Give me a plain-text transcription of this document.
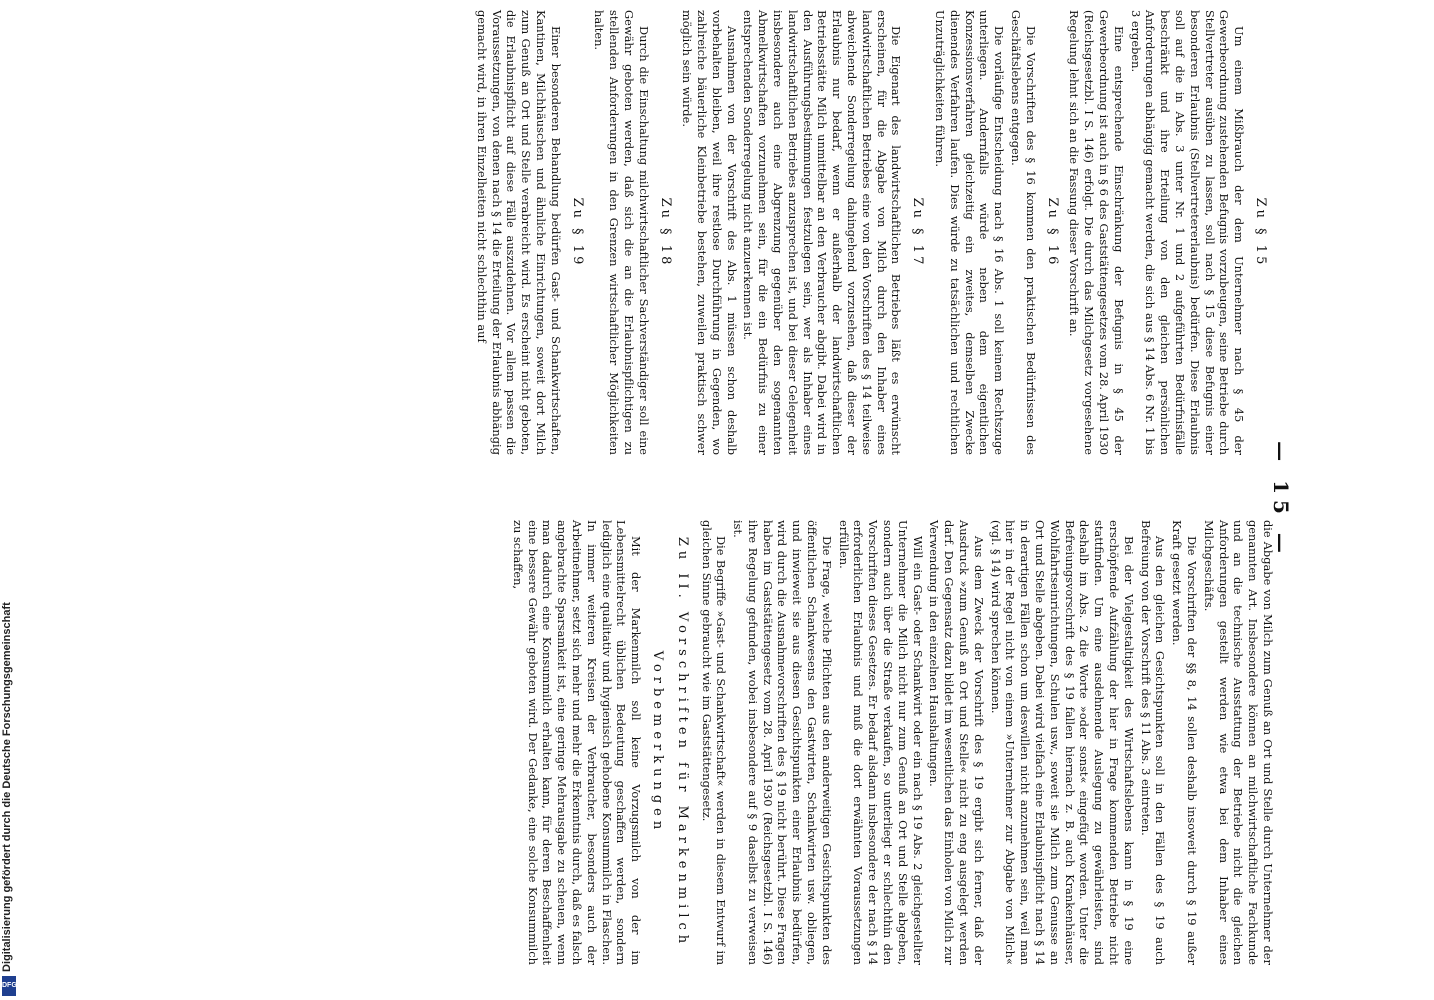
— 15 —
Zu § 15
Um einem Mißbrauch der dem Unternehmer nach § 45 der Gewerbeordnung zustehenden Befugnis vorzubeugen, seine Betriebe durch Stellvertreter ausüben zu lassen, soll nach § 15 diese Befugnis einer besonderen Erlaubnis (Stellvertretererlaubnis) bedürfen. Diese Erlaubnis soll auf die in Abs. 3 unter Nr. 1 und 2 aufgeführten Bedürfnisfälle beschränkt und ihre Erteilung von den gleichen persönlichen Anforderungen abhängig gemacht werden, die sich aus § 14 Abs. 6 Nr. 1 bis 3 ergeben.
Eine entsprechende Einschränkung der Befugnis in § 45 der Gewerbeordnung ist auch in § 6 des Gaststättengesetzes vom 28. April 1930 (Reichsgesetzbl. I S. 146) erfolgt. Die durch das Milchgesetz vorgesehene Regelung lehnt sich an die Fassung dieser Vorschrift an.
Zu § 16
Die Vorschriften des § 16 kommen den praktischen Bedürfnissen des Geschäftslebens entgegen.
Die vorläufige Entscheidung nach § 16 Abs. 1 soll keinem Rechtszuge unterliegen. Andernfalls würde neben dem eigentlichen Konzessionsverfahren gleichzeitig ein zweites, demselben Zwecke dienendes Verfahren laufen. Dies würde zu tatsächlichen und rechtlichen Unzuträglichkeiten führen.
Zu § 17
Die Eigenart des landwirtschaftlichen Betriebes läßt es erwünscht erscheinen, für die Abgabe von Milch durch den Inhaber eines landwirtschaftlichen Betriebes eine von den Vorschriften des § 14 teilweise abweichende Sonderregelung dahingehend vorzusehen, daß dieser der Erlaubnis nur bedarf, wenn er außerhalb der landwirtschaftlichen Betriebsstätte Milch unmittelbar an den Verbraucher abgibt. Dabei wird in den Ausführungsbestimmungen festzulegen sein, wer als Inhaber eines landwirtschaftlichen Betriebes anzusprechen ist, und bei dieser Gelegenheit insbesondere auch eine Abgrenzung gegenüber den sogenannten Abmelkwirtschaften vorzunehmen sein, für die ein Bedürfnis zu einer entsprechenden Sonderregelung nicht anzuerkennen ist.
Ausnahmen von der Vorschrift des Abs. 1 müssen schon deshalb vorbehalten bleiben, weil ihre restlose Durchführung in Gegenden, wo zahlreiche bäuerliche Kleinbetriebe bestehen, zuweilen praktisch schwer möglich sein würde.
Zu § 18
Durch die Einschaltung milchwirtschaftlicher Sachverständiger soll eine Gewähr geboten werden, daß sich die an die Erlaubnispflichtigen zu stellenden Anforderungen in den Grenzen wirtschaftlicher Möglichkeiten halten.
Zu § 19
Einer besonderen Behandlung bedürfen Gast- und Schankwirtschaften, Kantinen, Milchhäuschen und ähnliche Einrichtungen, soweit dort Milch zum Genuß an Ort und Stelle verabreicht wird. Es erscheint nicht geboten, die Erlaubnispflicht auf diese Fälle auszudehnen. Vor allem passen die Voraussetzungen, von denen nach § 14 die Erteilung der Erlaubnis abhängig gemacht wird, in ihren Einzelheiten nicht schlechthin auf
die Abgabe von Milch zum Genuß an Ort und Stelle durch Unternehmer der genannten Art. Insbesondere können an milchwirtschaftliche Fachkunde und an die technische Ausstattung der Betriebe nicht die gleichen Anforderungen gestellt werden wie etwa bei dem Inhaber eines Milchgeschäfts.
Die Vorschriften der §§ 8, 14 sollen deshalb insoweit durch § 19 außer Kraft gesetzt werden.
Aus den gleichen Gesichtspunkten soll in den Fällen des § 19 auch Befreiung von der Vorschrift des § 11 Abs. 3 eintreten.
Bei der Vielgestaltigkeit des Wirtschaftslebens kann in § 19 eine erschöpfende Aufzählung der hier in Frage kommenden Betriebe nicht stattfinden. Um eine ausdehnende Auslegung zu gewährleisten, sind deshalb im Abs. 2 die Worte »oder sonst« eingefügt worden. Unter die Befreiungsvorschrift des § 19 fallen hiernach z. B. auch Krankenhäuser, Wohlfahrtseinrichtungen, Schulen usw., soweit sie Milch zum Genusse an Ort und Stelle abgeben. Dabei wird vielfach eine Erlaubnispflicht nach § 14 in derartigen Fällen schon um deswillen nicht anzunehmen sein, weil man hier in der Regel nicht von einem »Unternehmer zur Abgabe von Milch« (vgl. § 14) wird sprechen können.
Aus dem Zweck der Vorschrift des § 19 ergibt sich ferner, daß der Ausdruck »zum Genuß an Ort und Stelle« nicht zu eng ausgelegt werden darf. Den Gegensatz dazu bildet im wesentlichen das Einholen von Milch zur Verwendung in den einzelnen Haushaltungen.
Will ein Gast- oder Schankwirt oder ein nach § 19 Abs. 2 gleichgestellter Unternehmer die Milch nicht nur zum Genuß an Ort und Stelle abgeben, sondern auch über die Straße verkaufen, so unterliegt er schlechthin den Vorschriften dieses Gesetzes. Er bedarf alsdann insbesondere der nach § 14 erforderlichen Erlaubnis und muß die dort erwähnten Voraussetzungen erfüllen.
Die Frage, welche Pflichten aus den anderweitigen Gesichtspunkten des öffentlichen Schankwesens den Gastwirten, Schankwirten usw. obliegen, und inwieweit sie aus diesen Gesichtspunkten einer Erlaubnis bedürfen, wird durch die Ausnahmevorschriften des § 19 nicht berührt. Diese Fragen haben im Gaststättengesetz vom 28. April 1930 (Reichsgesetzbl. I S. 146) ihre Regelung gefunden, wobei insbesondere auf § 9 daselbst zu verweisen ist.
Die Begriffe »Gast- und Schankwirtschaft« werden in diesem Entwurf im gleichen Sinne gebraucht wie im Gaststättengesetz.
Zu II. Vorschriften für Markenmilch
Vorbemerkungen
Mit der Markenmilch soll keine Vorzugsmilch von der im Lebensmittelrecht üblichen Bedeutung geschaffen werden, sondern lediglich eine qualitativ und hygienisch gehobene Konsummilch in Flaschen. In immer weiteren Kreisen der Verbraucher, besonders auch der Arbeitnehmer, setzt sich mehr und mehr die Erkenntnis durch, daß es falsch angebrachte Sparsamkeit ist, eine geringe Mehrausgabe zu scheuen, wenn man dadurch eine Konsummilch erhalten kann, für deren Beschaffenheit eine bessere Gewähr geboten wird. Der Gedanke, eine solche Konsummilch zu schaffen,
Digitalisierung gefördert durch die Deutsche Forschungsgemeinschaft
DFG
